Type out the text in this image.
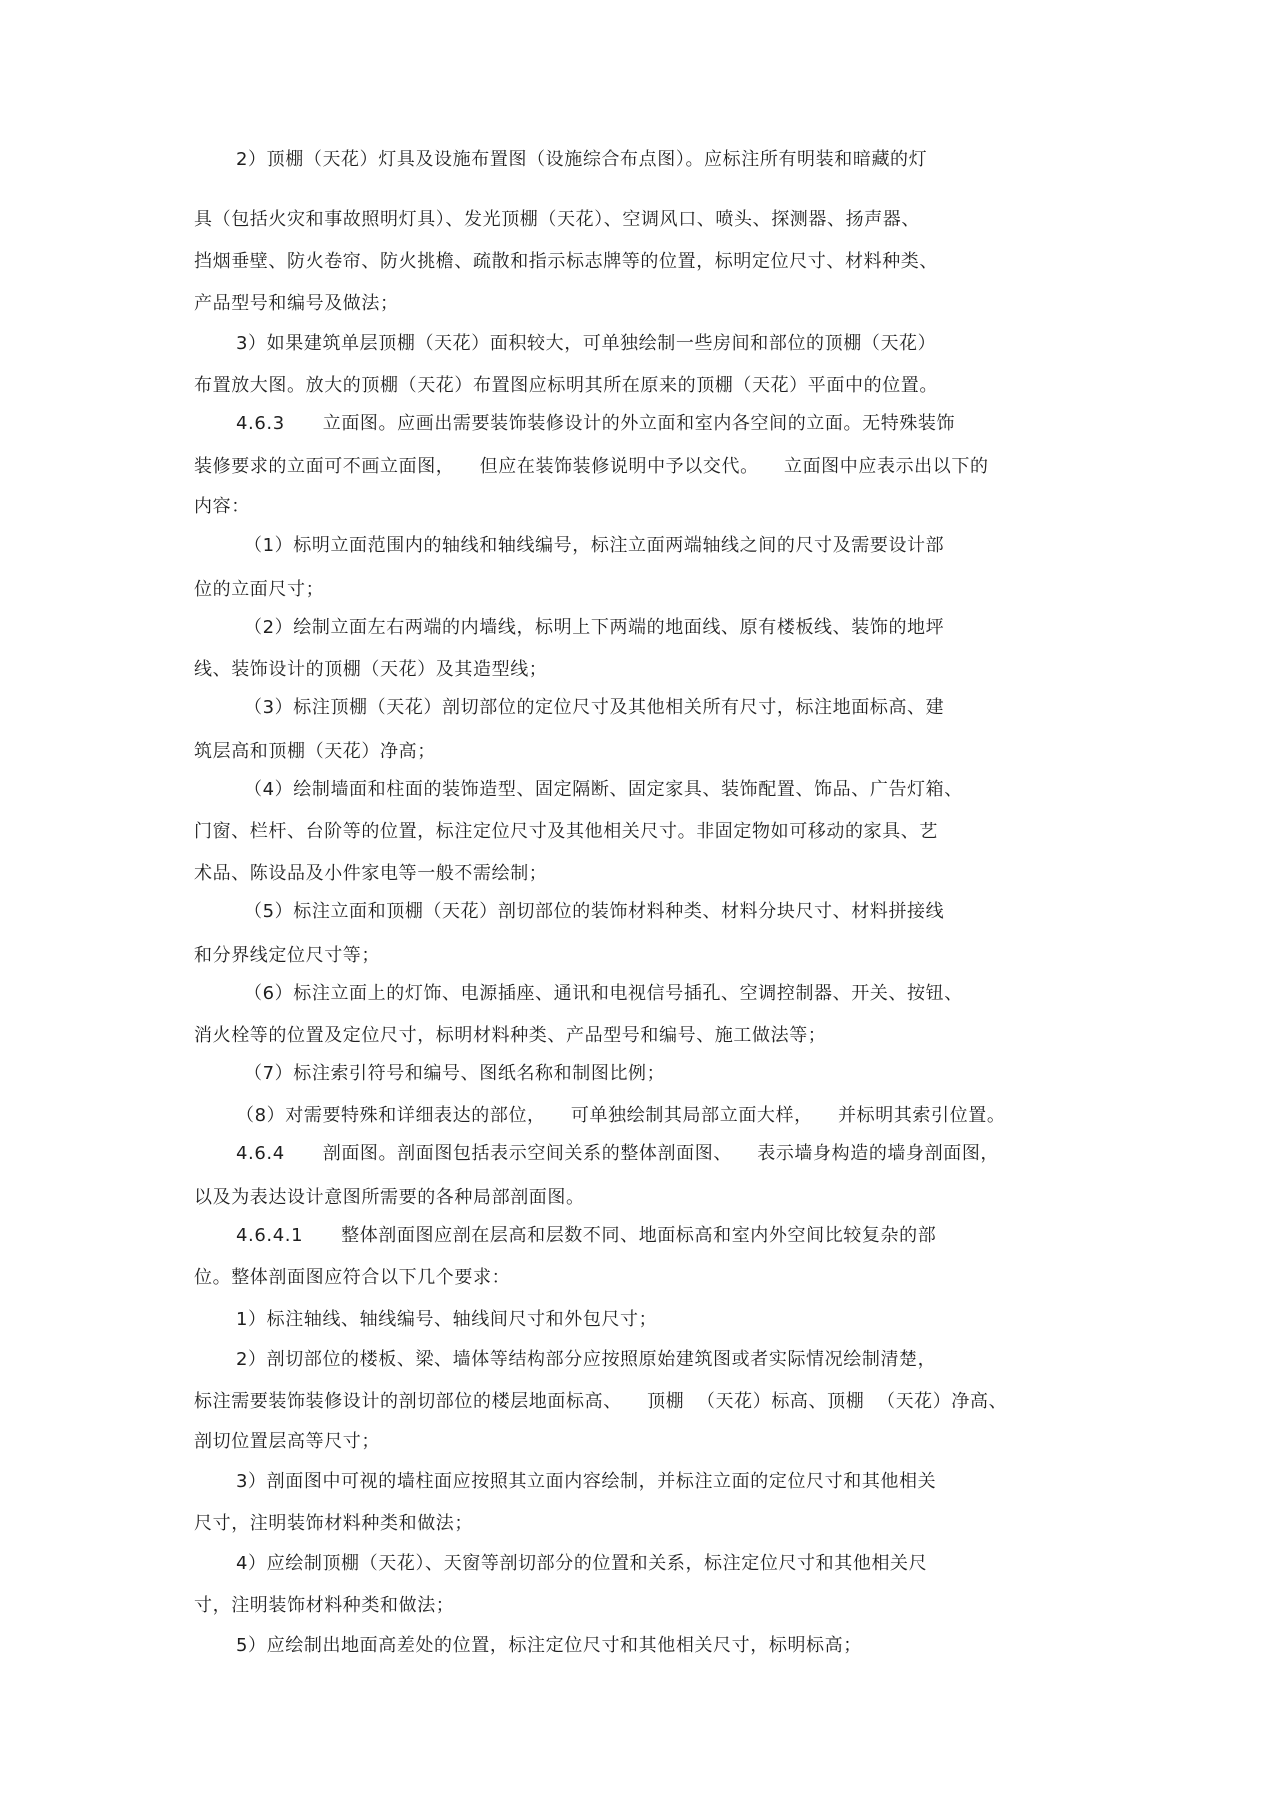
2）顶棚（天花）灯具及设施布置图（设施综合布点图）。应标注所有明装和暗藏的灯
具（包括火灾和事故照明灯具）、发光顶棚（天花）、空调风口、喷头、探测器、扬声器、
挡烟垂壁、防火卷帘、防火挑檐、疏散和指示标志牌等的位置，标明定位尺寸、材料种类、
产品型号和编号及做法；
3）如果建筑单层顶棚（天花）面积较大，可单独绘制一些房间和部位的顶棚（天花）
布置放大图。放大的顶棚（天花）布置图应标明其所在原来的顶棚（天花）平面中的位置。
4.6.3      立面图。应画出需要装饰装修设计的外立面和室内各空间的立面。无特殊装饰
装修要求的立面可不画立面图，    但应在装饰装修说明中予以交代。    立面图中应表示出以下的
内容：
（1）标明立面范围内的轴线和轴线编号，标注立面两端轴线之间的尺寸及需要设计部
位的立面尺寸；
（2）绘制立面左右两端的内墙线，标明上下两端的地面线、原有楼板线、装饰的地坪
线、装饰设计的顶棚（天花）及其造型线；
（3）标注顶棚（天花）剖切部位的定位尺寸及其他相关所有尺寸，标注地面标高、建
筑层高和顶棚（天花）净高；
（4）绘制墙面和柱面的装饰造型、固定隔断、固定家具、装饰配置、饰品、广告灯箱、
门窗、栏杆、台阶等的位置，标注定位尺寸及其他相关尺寸。非固定物如可移动的家具、艺
术品、陈设品及小件家电等一般不需绘制；
（5）标注立面和顶棚（天花）剖切部位的装饰材料种类、材料分块尺寸、材料拼接线
和分界线定位尺寸等；
（6）标注立面上的灯饰、电源插座、通讯和电视信号插孔、空调控制器、开关、按钮、
消火栓等的位置及定位尺寸，标明材料种类、产品型号和编号、施工做法等；
（7）标注索引符号和编号、图纸名称和制图比例；
（8）对需要特殊和详细表达的部位，    可单独绘制其局部立面大样，    并标明其索引位置。
4.6.4      剖面图。剖面图包括表示空间关系的整体剖面图、    表示墙身构造的墙身剖面图，
以及为表达设计意图所需要的各种局部剖面图。
4.6.4.1      整体剖面图应剖在层高和层数不同、地面标高和室内外空间比较复杂的部
位。整体剖面图应符合以下几个要求：
1）标注轴线、轴线编号、轴线间尺寸和外包尺寸；
2）剖切部位的楼板、梁、墙体等结构部分应按照原始建筑图或者实际情况绘制清楚，
标注需要装饰装修设计的剖切部位的楼层地面标高、    顶棚  （天花）标高、顶棚  （天花）净高、
剖切位置层高等尺寸；
3）剖面图中可视的墙柱面应按照其立面内容绘制，并标注立面的定位尺寸和其他相关
尺寸，注明装饰材料种类和做法；
4）应绘制顶棚（天花）、天窗等剖切部分的位置和关系，标注定位尺寸和其他相关尺
寸，注明装饰材料种类和做法；
5）应绘制出地面高差处的位置，标注定位尺寸和其他相关尺寸，标明标高；
